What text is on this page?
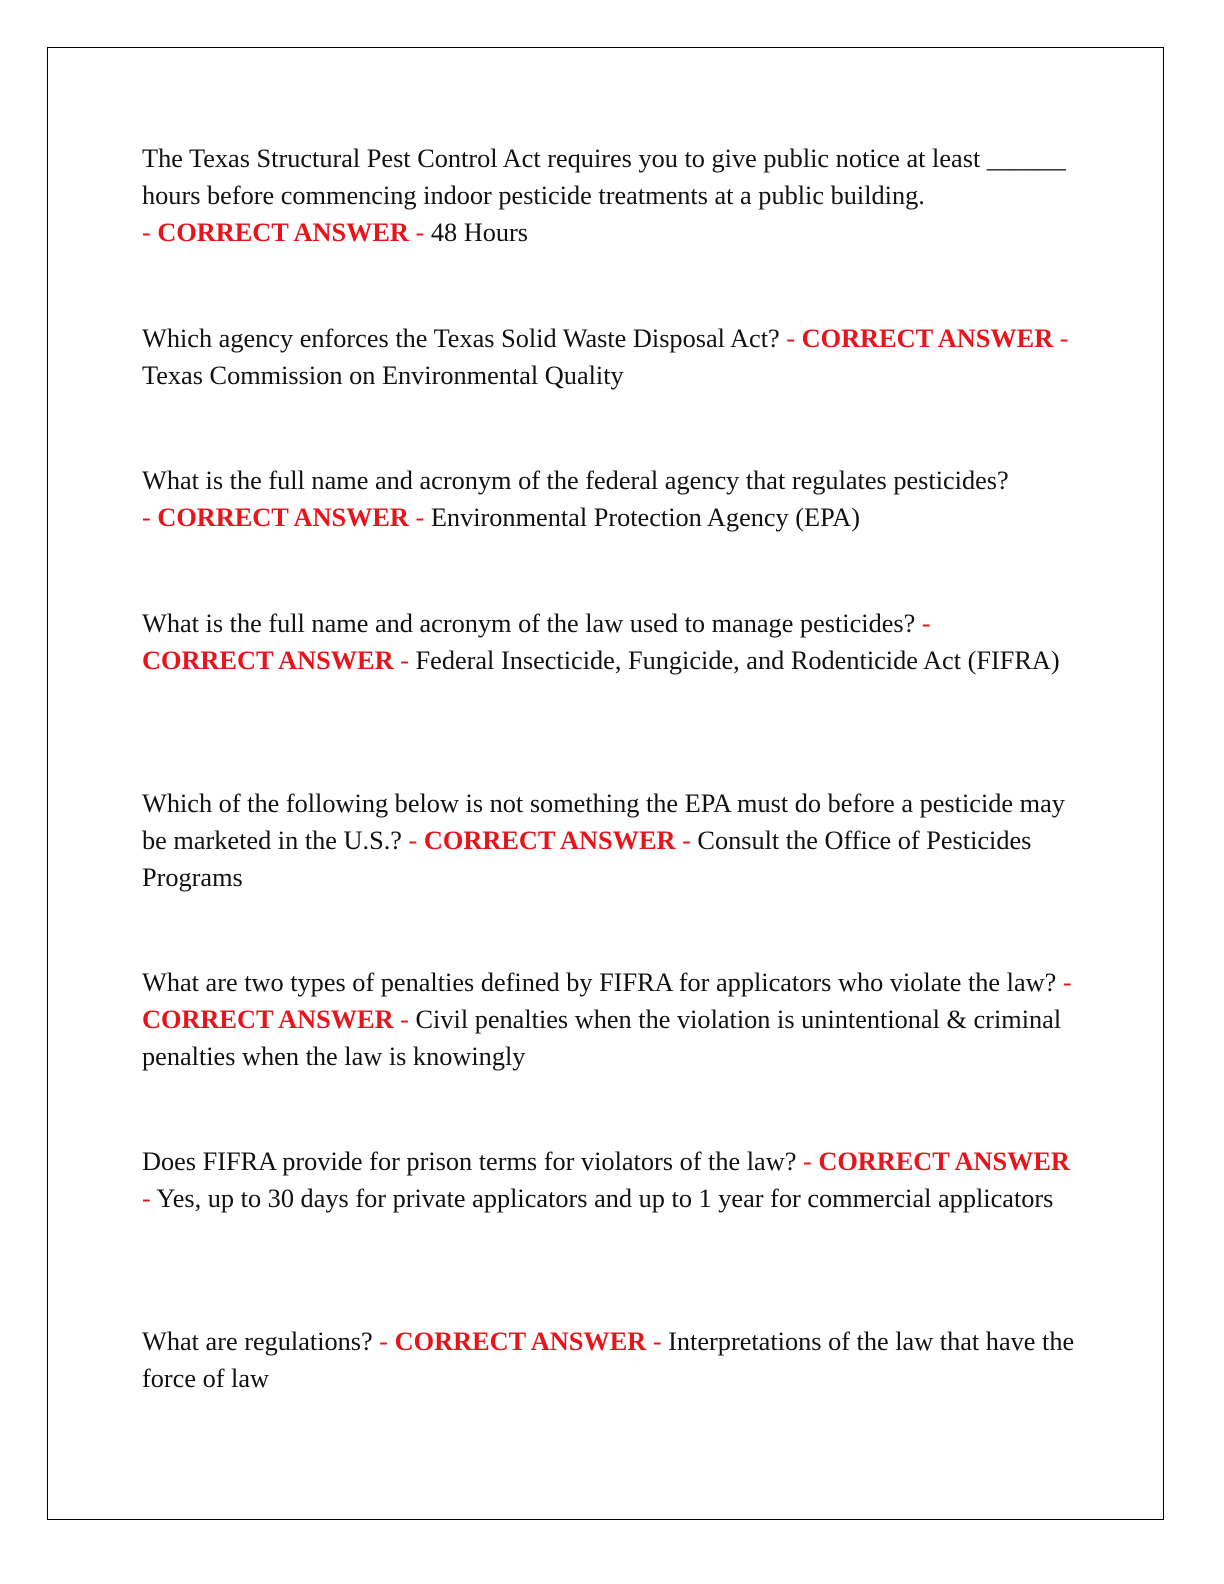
The Texas Structural Pest Control Act requires you to give public notice at least ______ hours before commencing indoor pesticide treatments at a public building.
- CORRECT ANSWER - 48 Hours

Which agency enforces the Texas Solid Waste Disposal Act? - CORRECT ANSWER - Texas Commission on Environmental Quality

What is the full name and acronym of the federal agency that regulates pesticides?
- CORRECT ANSWER - Environmental Protection Agency (EPA)

What is the full name and acronym of the law used to manage pesticides? -
CORRECT ANSWER - Federal Insecticide, Fungicide, and Rodenticide Act (FIFRA)

Which of the following below is not something the EPA must do before a pesticide may be marketed in the U.S.? - CORRECT ANSWER - Consult the Office of Pesticides Programs

What are two types of penalties defined by FIFRA for applicators who violate the law? - CORRECT ANSWER - Civil penalties when the violation is unintentional & criminal penalties when the law is knowingly

Does FIFRA provide for prison terms for violators of the law? - CORRECT ANSWER - Yes, up to 30 days for private applicators and up to 1 year for commercial applicators

What are regulations? - CORRECT ANSWER - Interpretations of the law that have the force of law
